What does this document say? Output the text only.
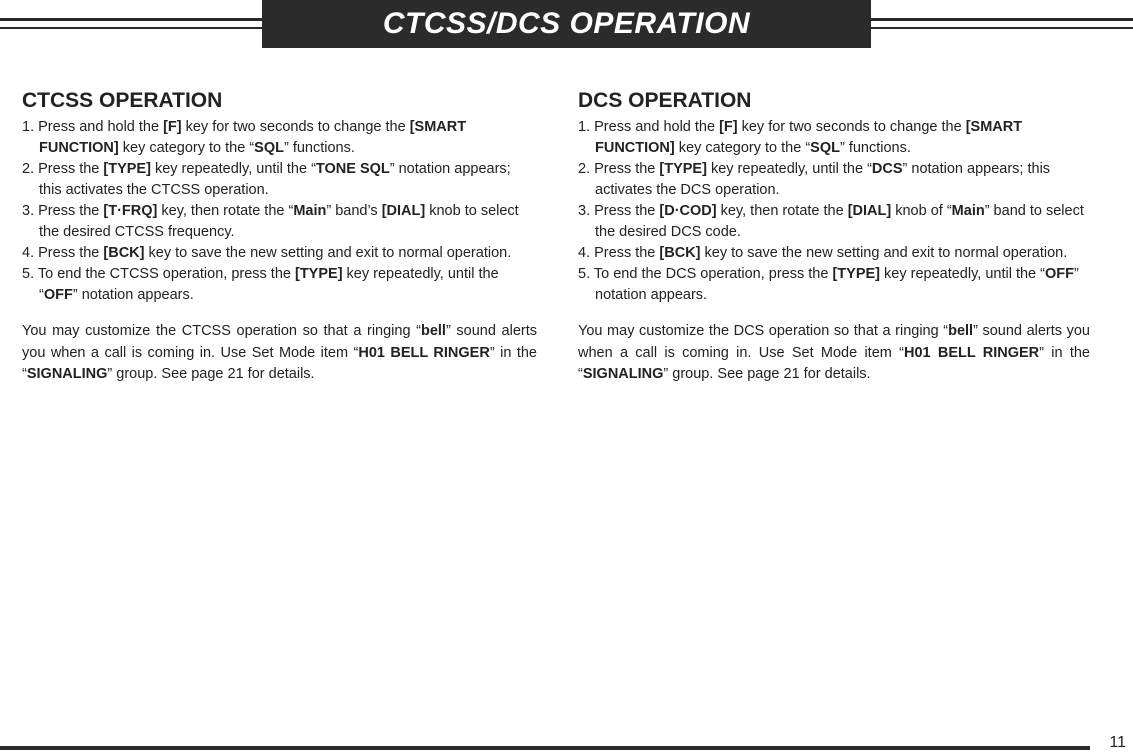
CTCSS/DCS OPERATION
CTCSS OPERATION
1. Press and hold the [F] key for two seconds to change the [SMART FUNCTION] key category to the “SQL” functions.
2. Press the [TYPE] key repeatedly, until the “TONE SQL” notation appears; this activates the CTCSS operation.
3. Press the [T·FRQ] key, then rotate the “Main” band’s [DIAL] knob to select the desired CTCSS frequency.
4. Press the [BCK] key to save the new setting and exit to normal operation.
5. To end the CTCSS operation, press the [TYPE] key repeatedly, until the “OFF” notation appears.

You may customize the CTCSS operation so that a ringing “bell” sound alerts you when a call is coming in. Use Set Mode item “H01 BELL RINGER” in the “SIGNALING” group. See page 21 for details.

DCS OPERATION
1. Press and hold the [F] key for two seconds to change the [SMART FUNCTION] key category to the “SQL” functions.
2. Press the [TYPE] key repeatedly, until the “DCS” notation appears; this activates the DCS operation.
3. Press the [D·COD] key, then rotate the [DIAL] knob of “Main” band to select the desired DCS code.
4. Press the [BCK] key to save the new setting and exit to normal operation.
5. To end the DCS operation, press the [TYPE] key repeatedly, until the “OFF” notation appears.

You may customize the DCS operation so that a ringing “bell” sound alerts you when a call is coming in. Use Set Mode item “H01 BELL RINGER” in the “SIGNALING” group. See page 21 for details.

11
